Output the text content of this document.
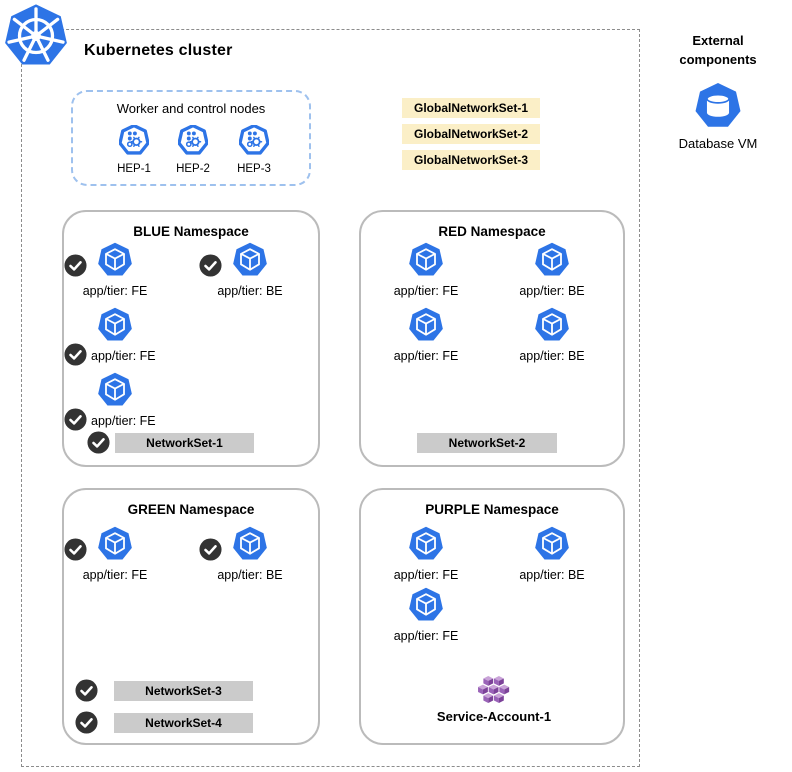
Kubernetes cluster
Worker and control nodes
HEP-1	HEP-2	HEP-3
GlobalNetworkSet-1
GlobalNetworkSet-2
GlobalNetworkSet-3
BLUE Namespace
app/tier: FE	app/tier: BE
app/tier: FE
app/tier: FE
NetworkSet-1
RED Namespace
app/tier: FE	app/tier: BE
app/tier: FE	app/tier: BE
NetworkSet-2
GREEN Namespace
app/tier: FE	app/tier: BE
NetworkSet-3
NetworkSet-4
PURPLE Namespace
app/tier: FE	app/tier: BE
app/tier: FE
Service-Account-1
External components
Database VM
